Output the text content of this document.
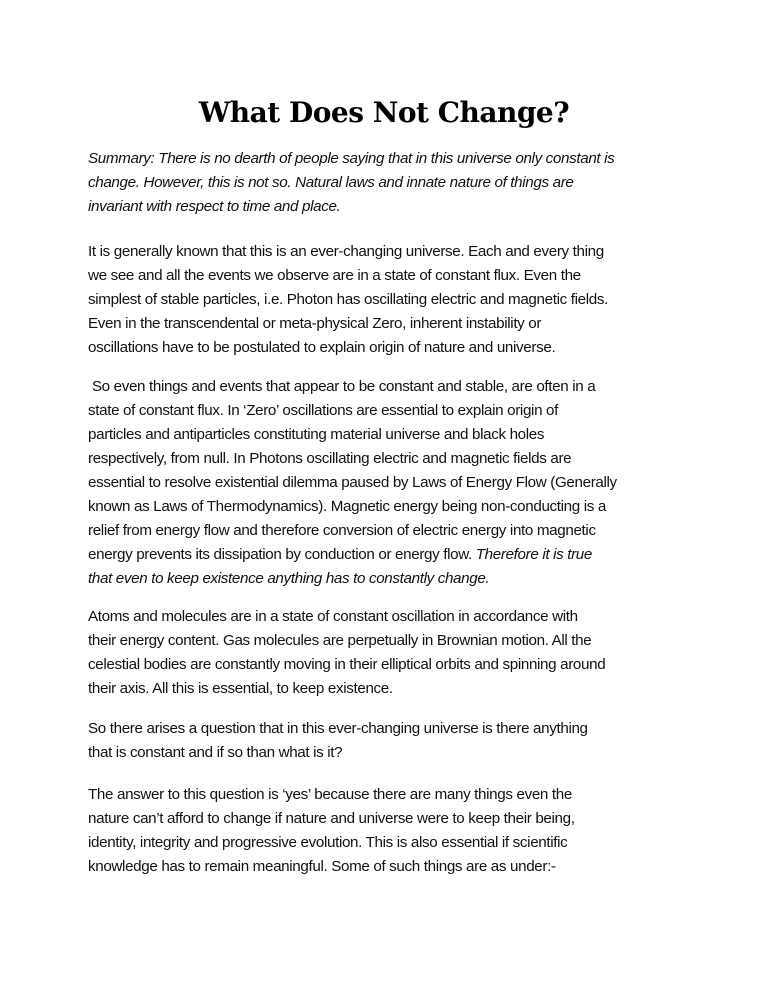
What Does Not Change?
Summary: There is no dearth of people saying that in this universe only constant is
change. However, this is not so. Natural laws and innate nature of things are
invariant with respect to time and place.
It is generally known that this is an ever-changing universe. Each and every thing
we see and all the events we observe are in a state of constant flux. Even the
simplest of stable particles, i.e. Photon has oscillating electric and magnetic fields.
Even in the transcendental or meta-physical Zero, inherent instability or
oscillations have to be postulated to explain origin of nature and universe.
So even things and events that appear to be constant and stable, are often in a
state of constant flux. In ‘Zero’ oscillations are essential to explain origin of
particles and antiparticles constituting material universe and black holes
respectively, from null. In Photons oscillating electric and magnetic fields are
essential to resolve existential dilemma paused by Laws of Energy Flow (Generally
known as Laws of Thermodynamics). Magnetic energy being non-conducting is a
relief from energy flow and therefore conversion of electric energy into magnetic
energy prevents its dissipation by conduction or energy flow. Therefore it is true
that even to keep existence anything has to constantly change.
Atoms and molecules are in a state of constant oscillation in accordance with
their energy content. Gas molecules are perpetually in Brownian motion. All the
celestial bodies are constantly moving in their elliptical orbits and spinning around
their axis. All this is essential, to keep existence.
So there arises a question that in this ever-changing universe is there anything
that is constant and if so than what is it?
The answer to this question is ‘yes’ because there are many things even the
nature can’t afford to change if nature and universe were to keep their being,
identity, integrity and progressive evolution. This is also essential if scientific
knowledge has to remain meaningful. Some of such things are as under:-
